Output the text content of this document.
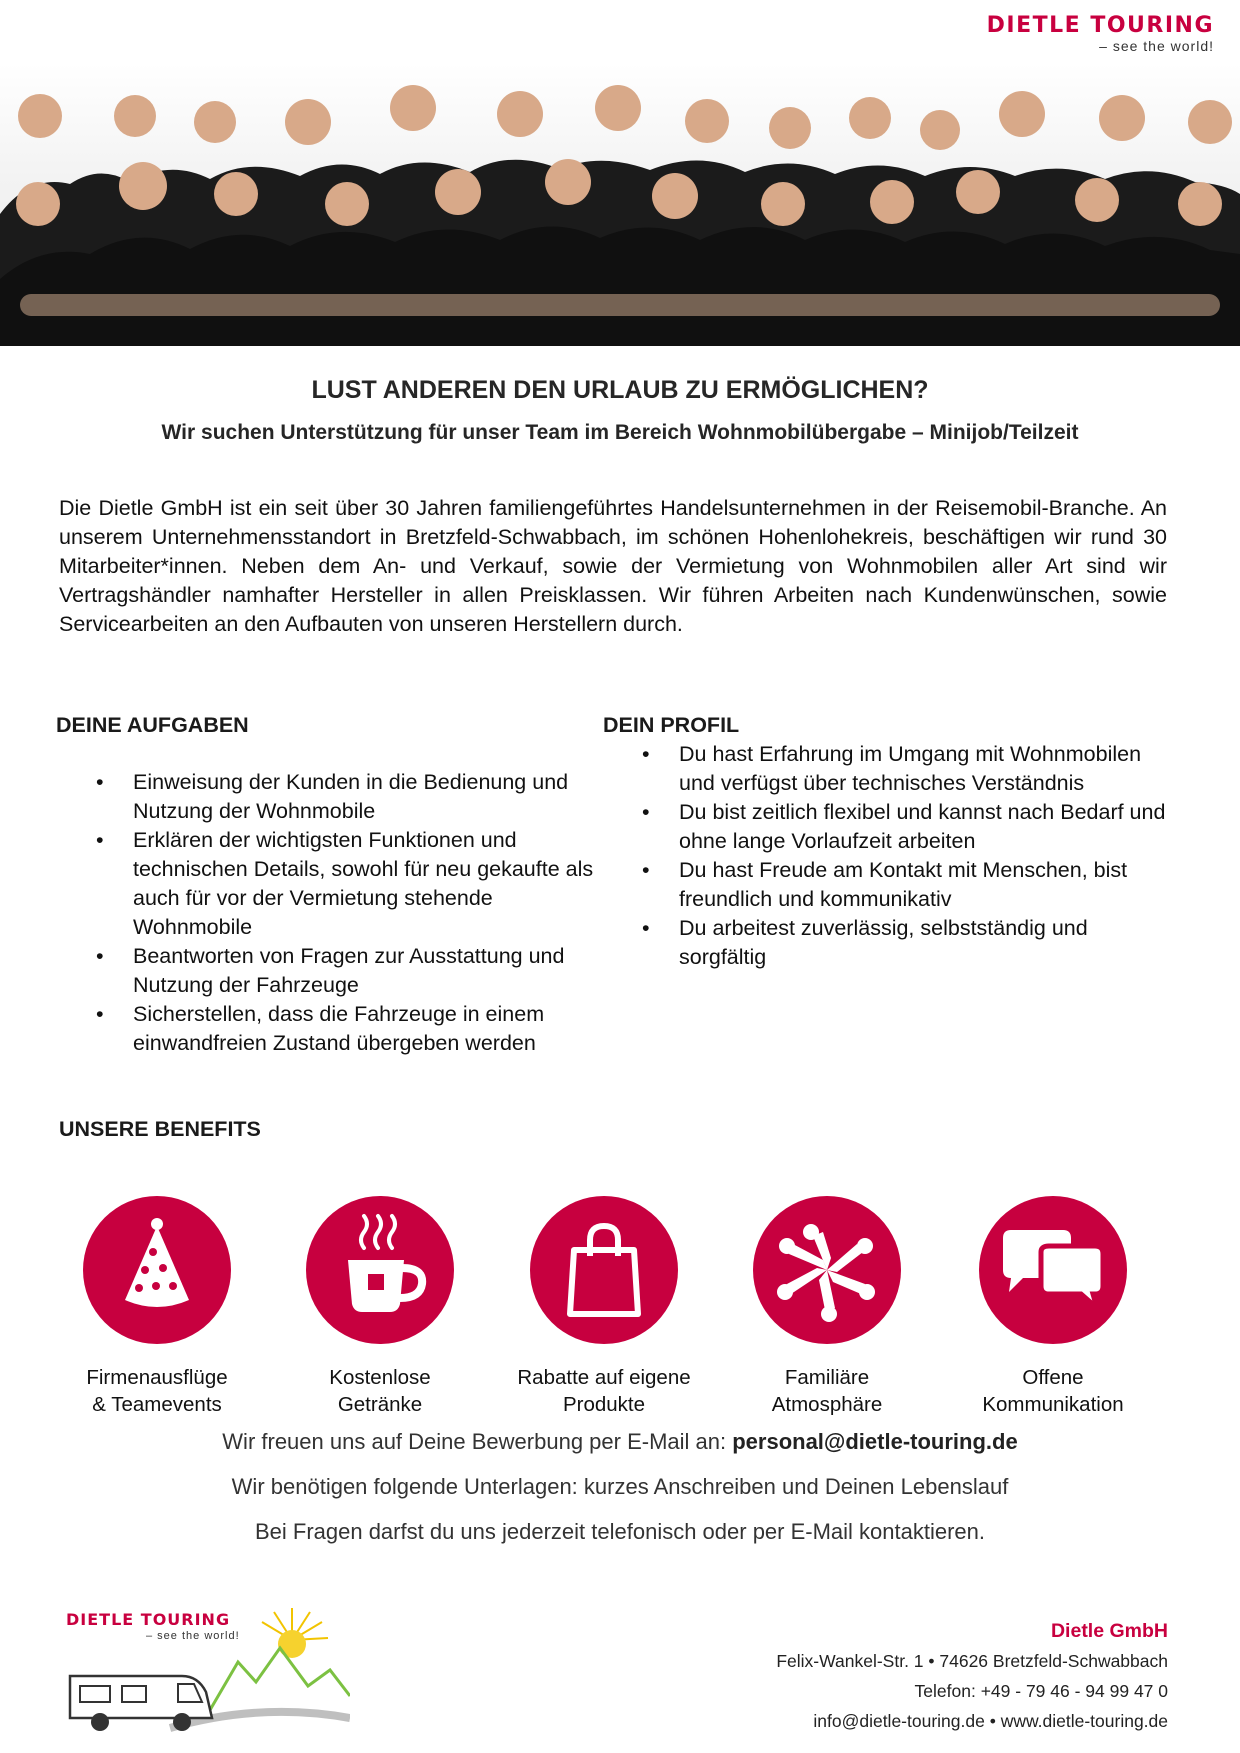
DIETLE TOURING
– see the world!
LUST ANDEREN DEN URLAUB ZU ERMÖGLICHEN?
Wir suchen Unterstützung für unser Team im Bereich Wohnmobilübergabe – Minijob/Teilzeit
Die Dietle GmbH ist ein seit über 30 Jahren familiengeführtes Handelsunternehmen in der Reisemobil-Branche. An unserem Unternehmensstandort in Bretzfeld-Schwabbach, im schönen Hohenlohekreis, beschäftigen wir rund 30 Mitarbeiter*innen. Neben dem An- und Verkauf, sowie der Vermietung von Wohnmobilen aller Art sind wir Vertragshändler namhafter Hersteller in allen Preisklassen. Wir führen Arbeiten nach Kundenwünschen, sowie Servicearbeiten an den Aufbauten von unseren Herstellern durch.
DEINE AUFGABEN
• Einweisung der Kunden in die Bedienung und Nutzung der Wohnmobile
• Erklären der wichtigsten Funktionen und technischen Details, sowohl für neu gekaufte als auch für vor der Vermietung stehende Wohnmobile
• Beantworten von Fragen zur Ausstattung und Nutzung der Fahrzeuge
• Sicherstellen, dass die Fahrzeuge in einem einwandfreien Zustand übergeben werden
DEIN PROFIL
• Du hast Erfahrung im Umgang mit Wohnmobilen und verfügst über technisches Verständnis
• Du bist zeitlich flexibel und kannst nach Bedarf und ohne lange Vorlaufzeit arbeiten
• Du hast Freude am Kontakt mit Menschen, bist freundlich und kommunikativ
• Du arbeitest zuverlässig, selbstständig und sorgfältig
UNSERE BENEFITS
Firmenausflüge
& Teamevents
Kostenlose
Getränke
Rabatte auf eigene
Produkte
Familiäre
Atmosphäre
Offene
Kommunikation
Wir freuen uns auf Deine Bewerbung per E-Mail an: personal@dietle-touring.de
Wir benötigen folgende Unterlagen: kurzes Anschreiben und Deinen Lebenslauf
Bei Fragen darfst du uns jederzeit telefonisch oder per E-Mail kontaktieren.
DIETLE TOURING
– see the world!	Dietle GmbH
Felix-Wankel-Str. 1 • 74626 Bretzfeld-Schwabbach
Telefon: +49 - 79 46 - 94 99 47 0
info@dietle-touring.de • www.dietle-touring.de
